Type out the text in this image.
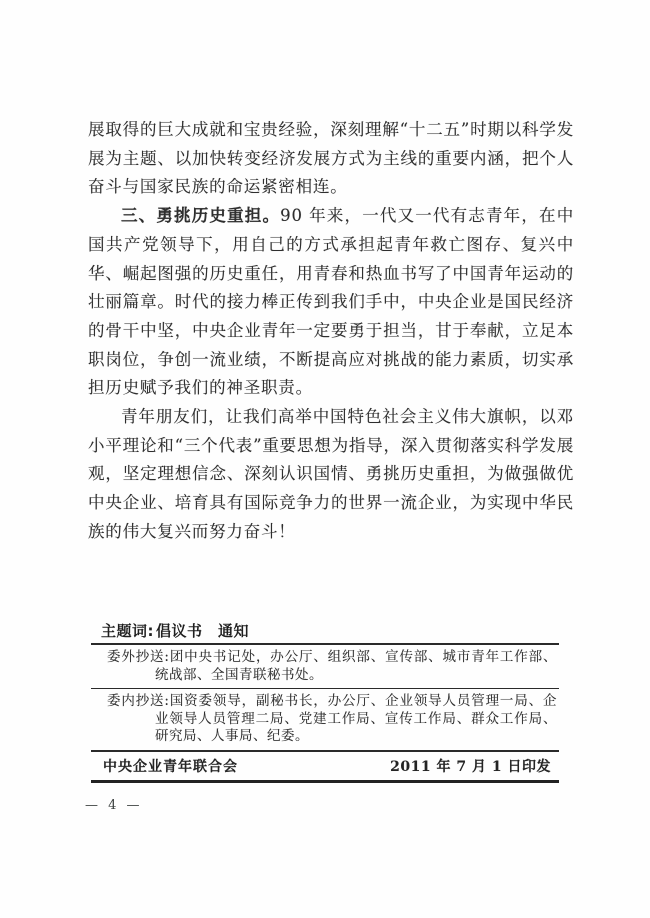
展取得的巨大成就和宝贵经验，深刻理解“十二五”时期以科学发展为主题、以加快转变经济发展方式为主线的重要内涵，把个人奋斗与国家民族的命运紧密相连。

三、勇挑历史重担。90 年来，一代又一代有志青年，在中国共产党领导下，用自己的方式承担起青年救亡图存、复兴中华、崛起图强的历史重任，用青春和热血书写了中国青年运动的壮丽篇章。时代的接力棒正传到我们手中，中央企业是国民经济的骨干中坚，中央企业青年一定要勇于担当，甘于奉献，立足本职岗位，争创一流业绩，不断提高应对挑战的能力素质，切实承担历史赋予我们的神圣职责。

青年朋友们，让我们高举中国特色社会主义伟大旗帜，以邓小平理论和“三个代表”重要思想为指导，深入贯彻落实科学发展观，坚定理想信念、深刻认识国情、勇挑历史重担，为做强做优中央企业、培育具有国际竞争力的世界一流企业，为实现中华民族的伟大复兴而努力奋斗！

主题词: 倡议书　通知

委外抄送:团中央书记处，办公厅、组织部、宣传部、城市青年工作部、统战部、全国青联秘书处。

委内抄送:国资委领导，副秘书长，办公厅、企业领导人员管理一局、企业领导人员管理二局、党建工作局、宣传工作局、群众工作局、研究局、人事局、纪委。

中央企业青年联合会	2011 年 7 月 1 日印发
— 4 —
